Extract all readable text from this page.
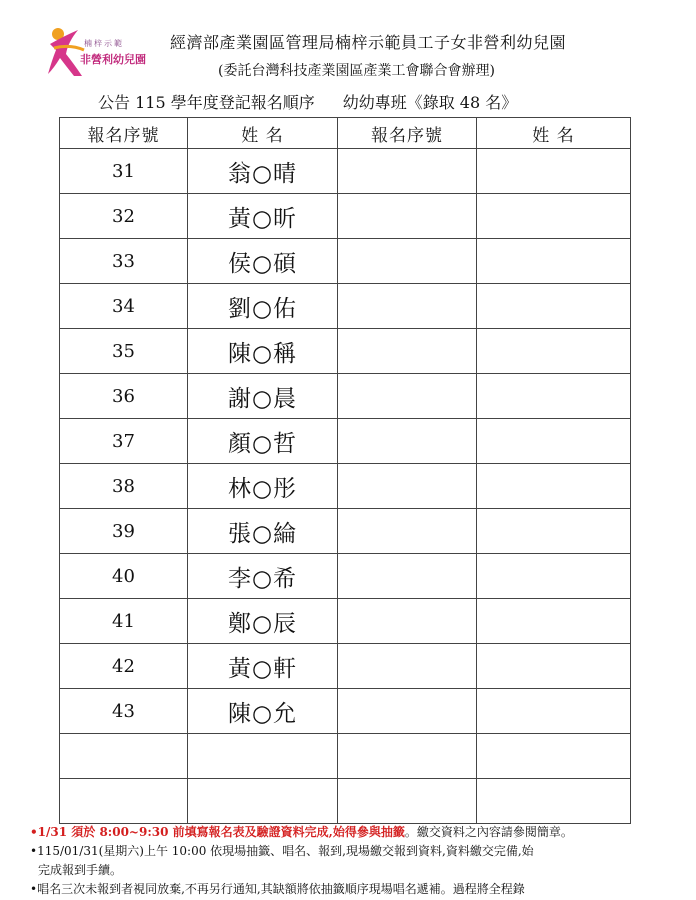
楠梓示範
非營利幼兒園
經濟部產業園區管理局楠梓示範員工子女非營利幼兒園
(委託台灣科技產業園區產業工會聯合會辦理)
公告 115 學年度登記報名順序 幼幼專班《錄取 48 名》
報名序號	姓 名	報名序號	姓 名
31	翁○晴		
32	黃○昕		
33	侯○碩		
34	劉○佑		
35	陳○稱		
36	謝○晨		
37	顏○哲		
38	林○彤		
39	張○綸		
40	李○希		
41	鄭○辰		
42	黃○軒		
43	陳○允		

•1/31 須於 8:00~9:30 前填寫報名表及驗證資料完成,始得參與抽籤。繳交資料之內容請參閱簡章。

•115/01/31(星期六)上午 10:00 依現場抽籤、唱名、報到,現場繳交報到資料,資料繳交完備,始

完成報到手續。

•唱名三次未報到者視同放棄,不再另行通知,其缺額將依抽籤順序現場唱名遞補。過程將全程錄
